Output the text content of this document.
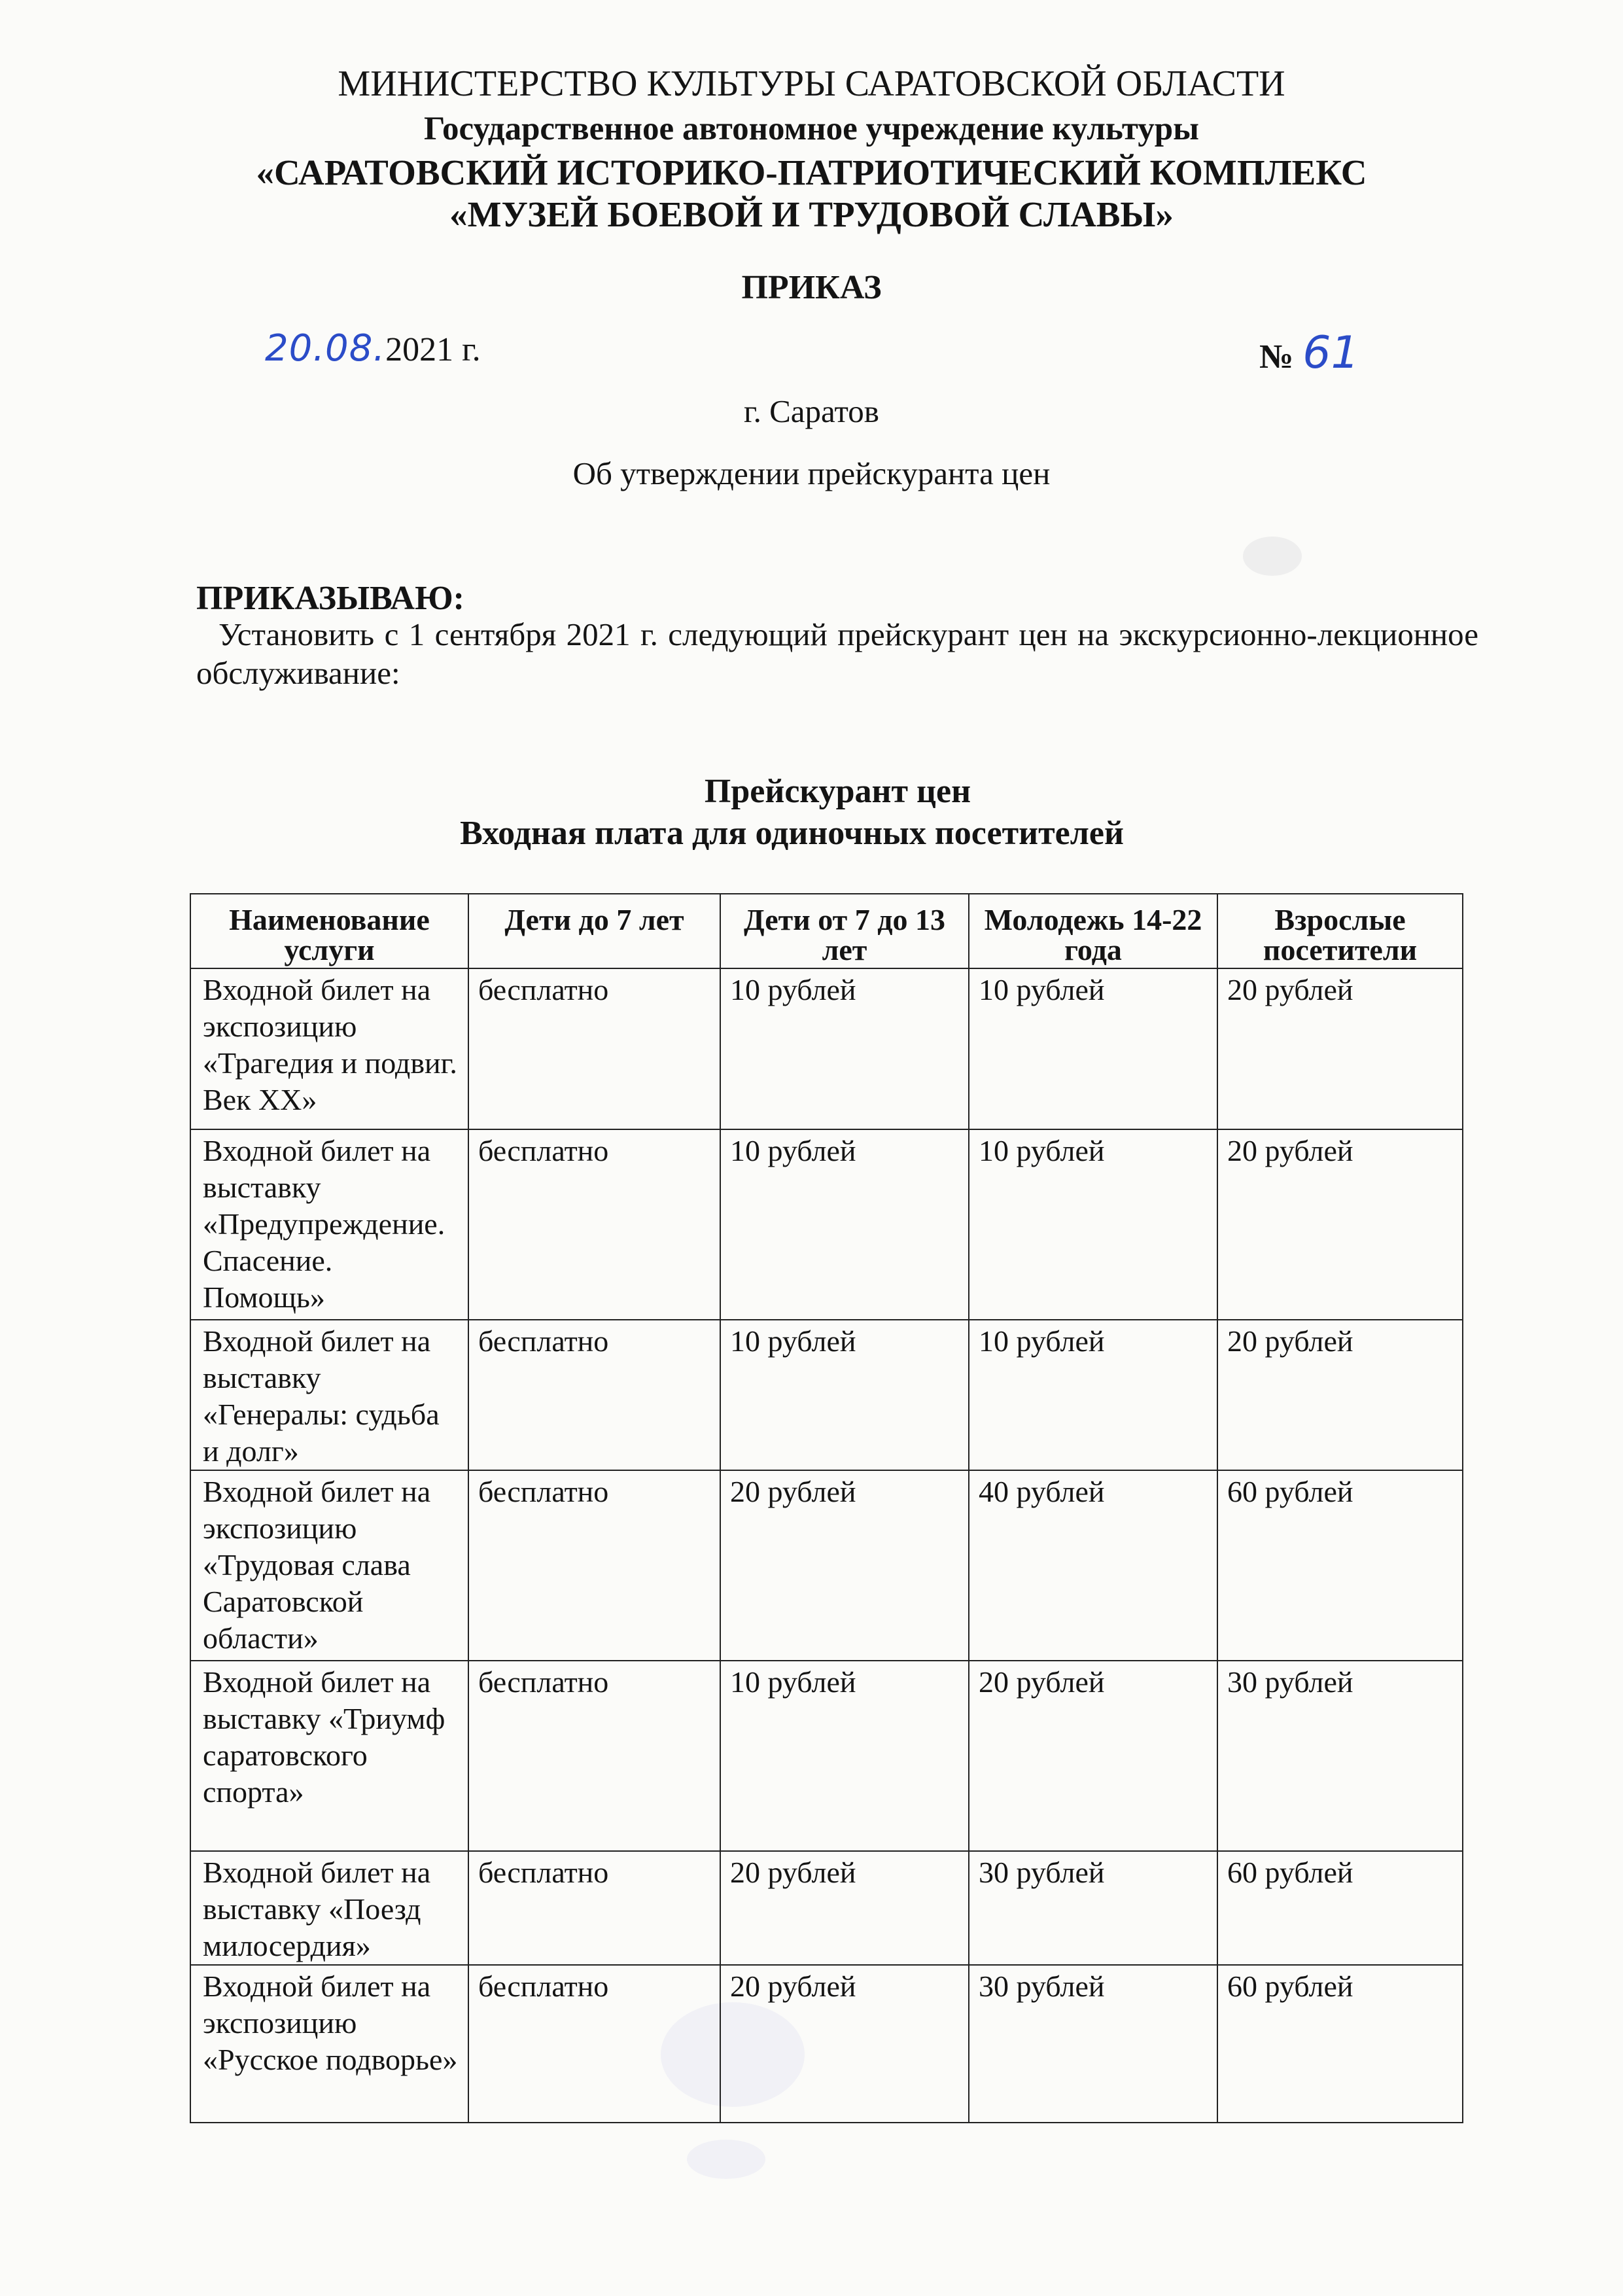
МИНИСТЕРСТВО КУЛЬТУРЫ САРАТОВСКОЙ ОБЛАСТИ
Государственное автономное учреждение культуры
«САРАТОВСКИЙ ИСТОРИКО-ПАТРИОТИЧЕСКИЙ КОМПЛЕКС
«МУЗЕЙ БОЕВОЙ И ТРУДОВОЙ СЛАВЫ»
ПРИКАЗ
20.08.2021 г.	№ 61
г. Саратов
Об утверждении прейскуранта цен
ПРИКАЗЫВАЮ:
Установить с 1 сентября 2021 г. следующий прейскурант цен на экскурсионно-лекционное обслуживание:
Прейскурант цен
Входная плата для одиночных посетителей
Наименование услуги	Дети до 7 лет	Дети от 7 до 13 лет	Молодежь 14-22 года	Взрослые посетители
Входной билет на экспозицию «Трагедия и подвиг. Век XX»	бесплатно	10 рублей	10 рублей	20 рублей
Входной билет на выставку «Предупреждение. Спасение. Помощь»	бесплатно	10 рублей	10 рублей	20 рублей
Входной билет на выставку «Генералы: судьба и долг»	бесплатно	10 рублей	10 рублей	20 рублей
Входной билет на экспозицию «Трудовая слава Саратовской области»	бесплатно	20 рублей	40 рублей	60 рублей
Входной билет на выставку «Триумф саратовского спорта»	бесплатно	10 рублей	20 рублей	30 рублей
Входной билет на выставку «Поезд милосердия»	бесплатно	20 рублей	30 рублей	60 рублей
Входной билет на экспозицию «Русское подворье»	бесплатно	20 рублей	30 рублей	60 рублей
